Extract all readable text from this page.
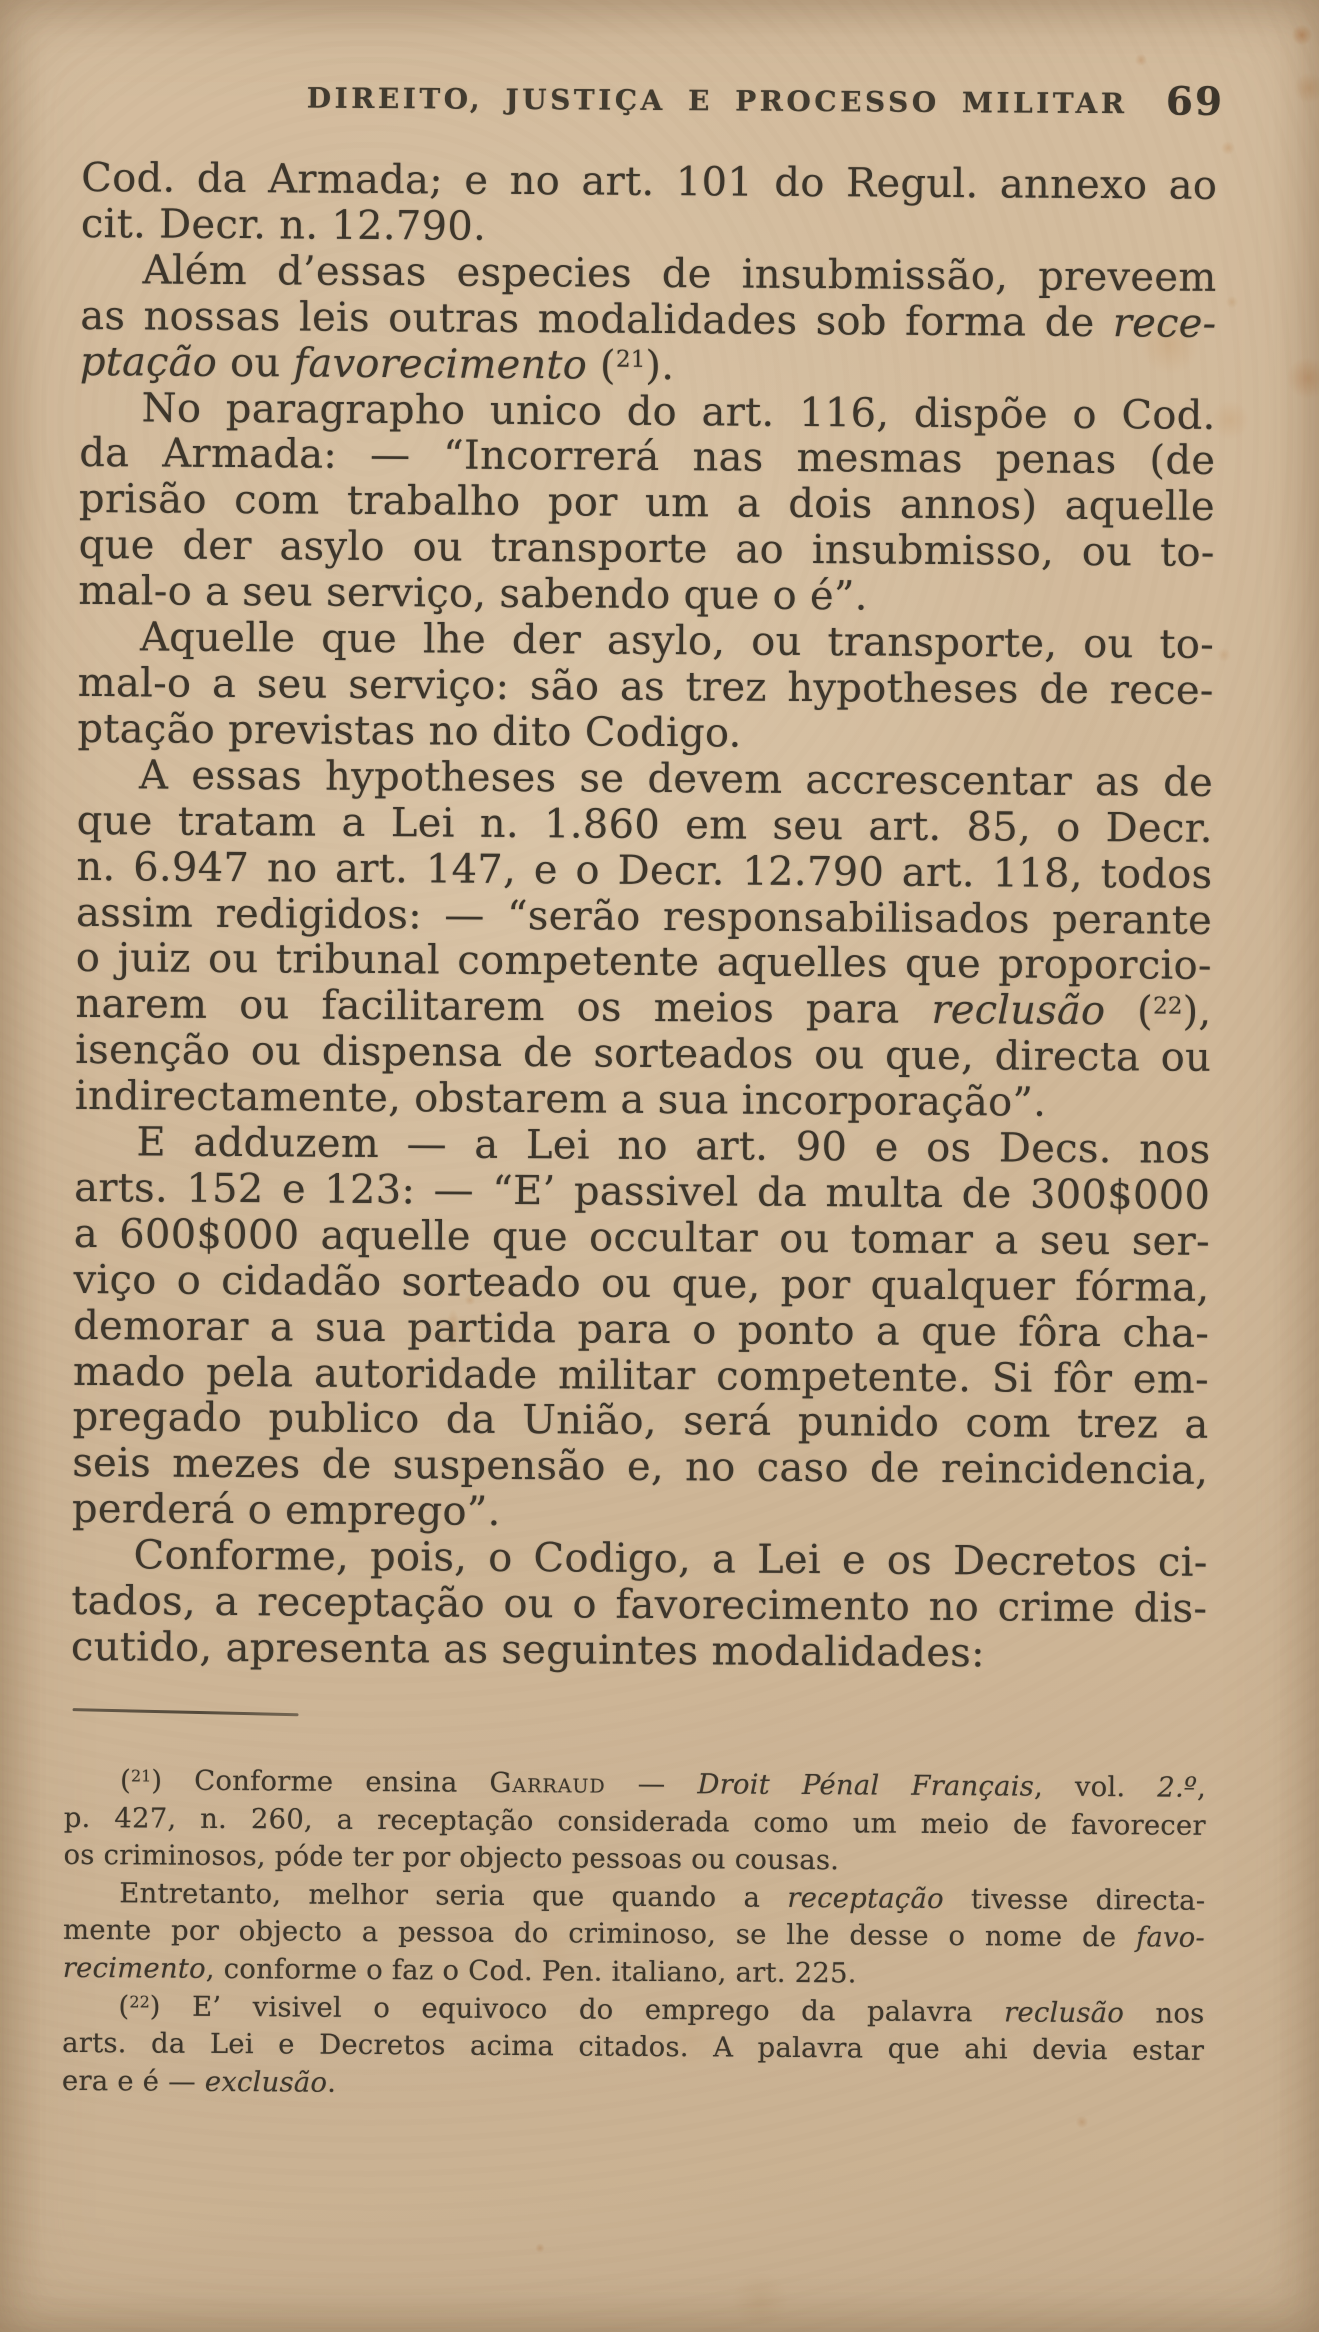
DIREITO, JUSTIÇA E PROCESSO MILITAR 69
Cod. da Armada; e no art. 101 do Regul. annexo ao
cit. Decr. n. 12.790.
Além d’essas especies de insubmissão, preveem
as nossas leis outras modalidades sob forma de rece-
ptação ou favorecimento ($^{21}$).
No paragrapho unico do art. 116, dispõe o Cod.
da Armada: — “Incorrerá nas mesmas penas (de
prisão com trabalho por um a dois annos) aquelle
que der asylo ou transporte ao insubmisso, ou to-
mal-o a seu serviço, sabendo que o é”.
Aquelle que lhe der asylo, ou transporte, ou to-
mal-o a seu serviço: são as trez hypotheses de rece-
ptação previstas no dito Codigo.
A essas hypotheses se devem accrescentar as de
que tratam a Lei n. 1.860 em seu art. 85, o Decr.
n. 6.947 no art. 147, e o Decr. 12.790 art. 118, todos
assim redigidos: — “serão responsabilisados perante
o juiz ou tribunal competente aquelles que proporcio-
narem ou facilitarem os meios para reclusão ($^{22}$),
isenção ou dispensa de sorteados ou que, directa ou
indirectamente, obstarem a sua incorporação”.
E adduzem — a Lei no art. 90 e os Decs. nos
arts. 152 e 123: — “E’ passivel da multa de 300$000
a 600$000 aquelle que occultar ou tomar a seu ser-
viço o cidadão sorteado ou que, por qualquer fórma,
demorar a sua partida para o ponto a que fôra cha-
mado pela autoridade militar competente. Si fôr em-
pregado publico da União, será punido com trez a
seis mezes de suspensão e, no caso de reincidencia,
perderá o emprego”.
Conforme, pois, o Codigo, a Lei e os Decretos ci-
tados, a receptação ou o favorecimento no crime dis-
cutido, apresenta as seguintes modalidades:
($^{21}$) Conforme ensina Garraud — Droit Pénal Français, vol. 2.º,
p. 427, n. 260, a receptação considerada como um meio de favorecer
os criminosos, póde ter por objecto pessoas ou cousas.
Entretanto, melhor seria que quando a receptação tivesse directa-
mente por objecto a pessoa do criminoso, se lhe desse o nome de favo-
recimento, conforme o faz o Cod. Pen. italiano, art. 225.
($^{22}$) E’ visivel o equivoco do emprego da palavra reclusão nos
arts. da Lei e Decretos acima citados. A palavra que ahi devia estar
era e é — exclusão.
